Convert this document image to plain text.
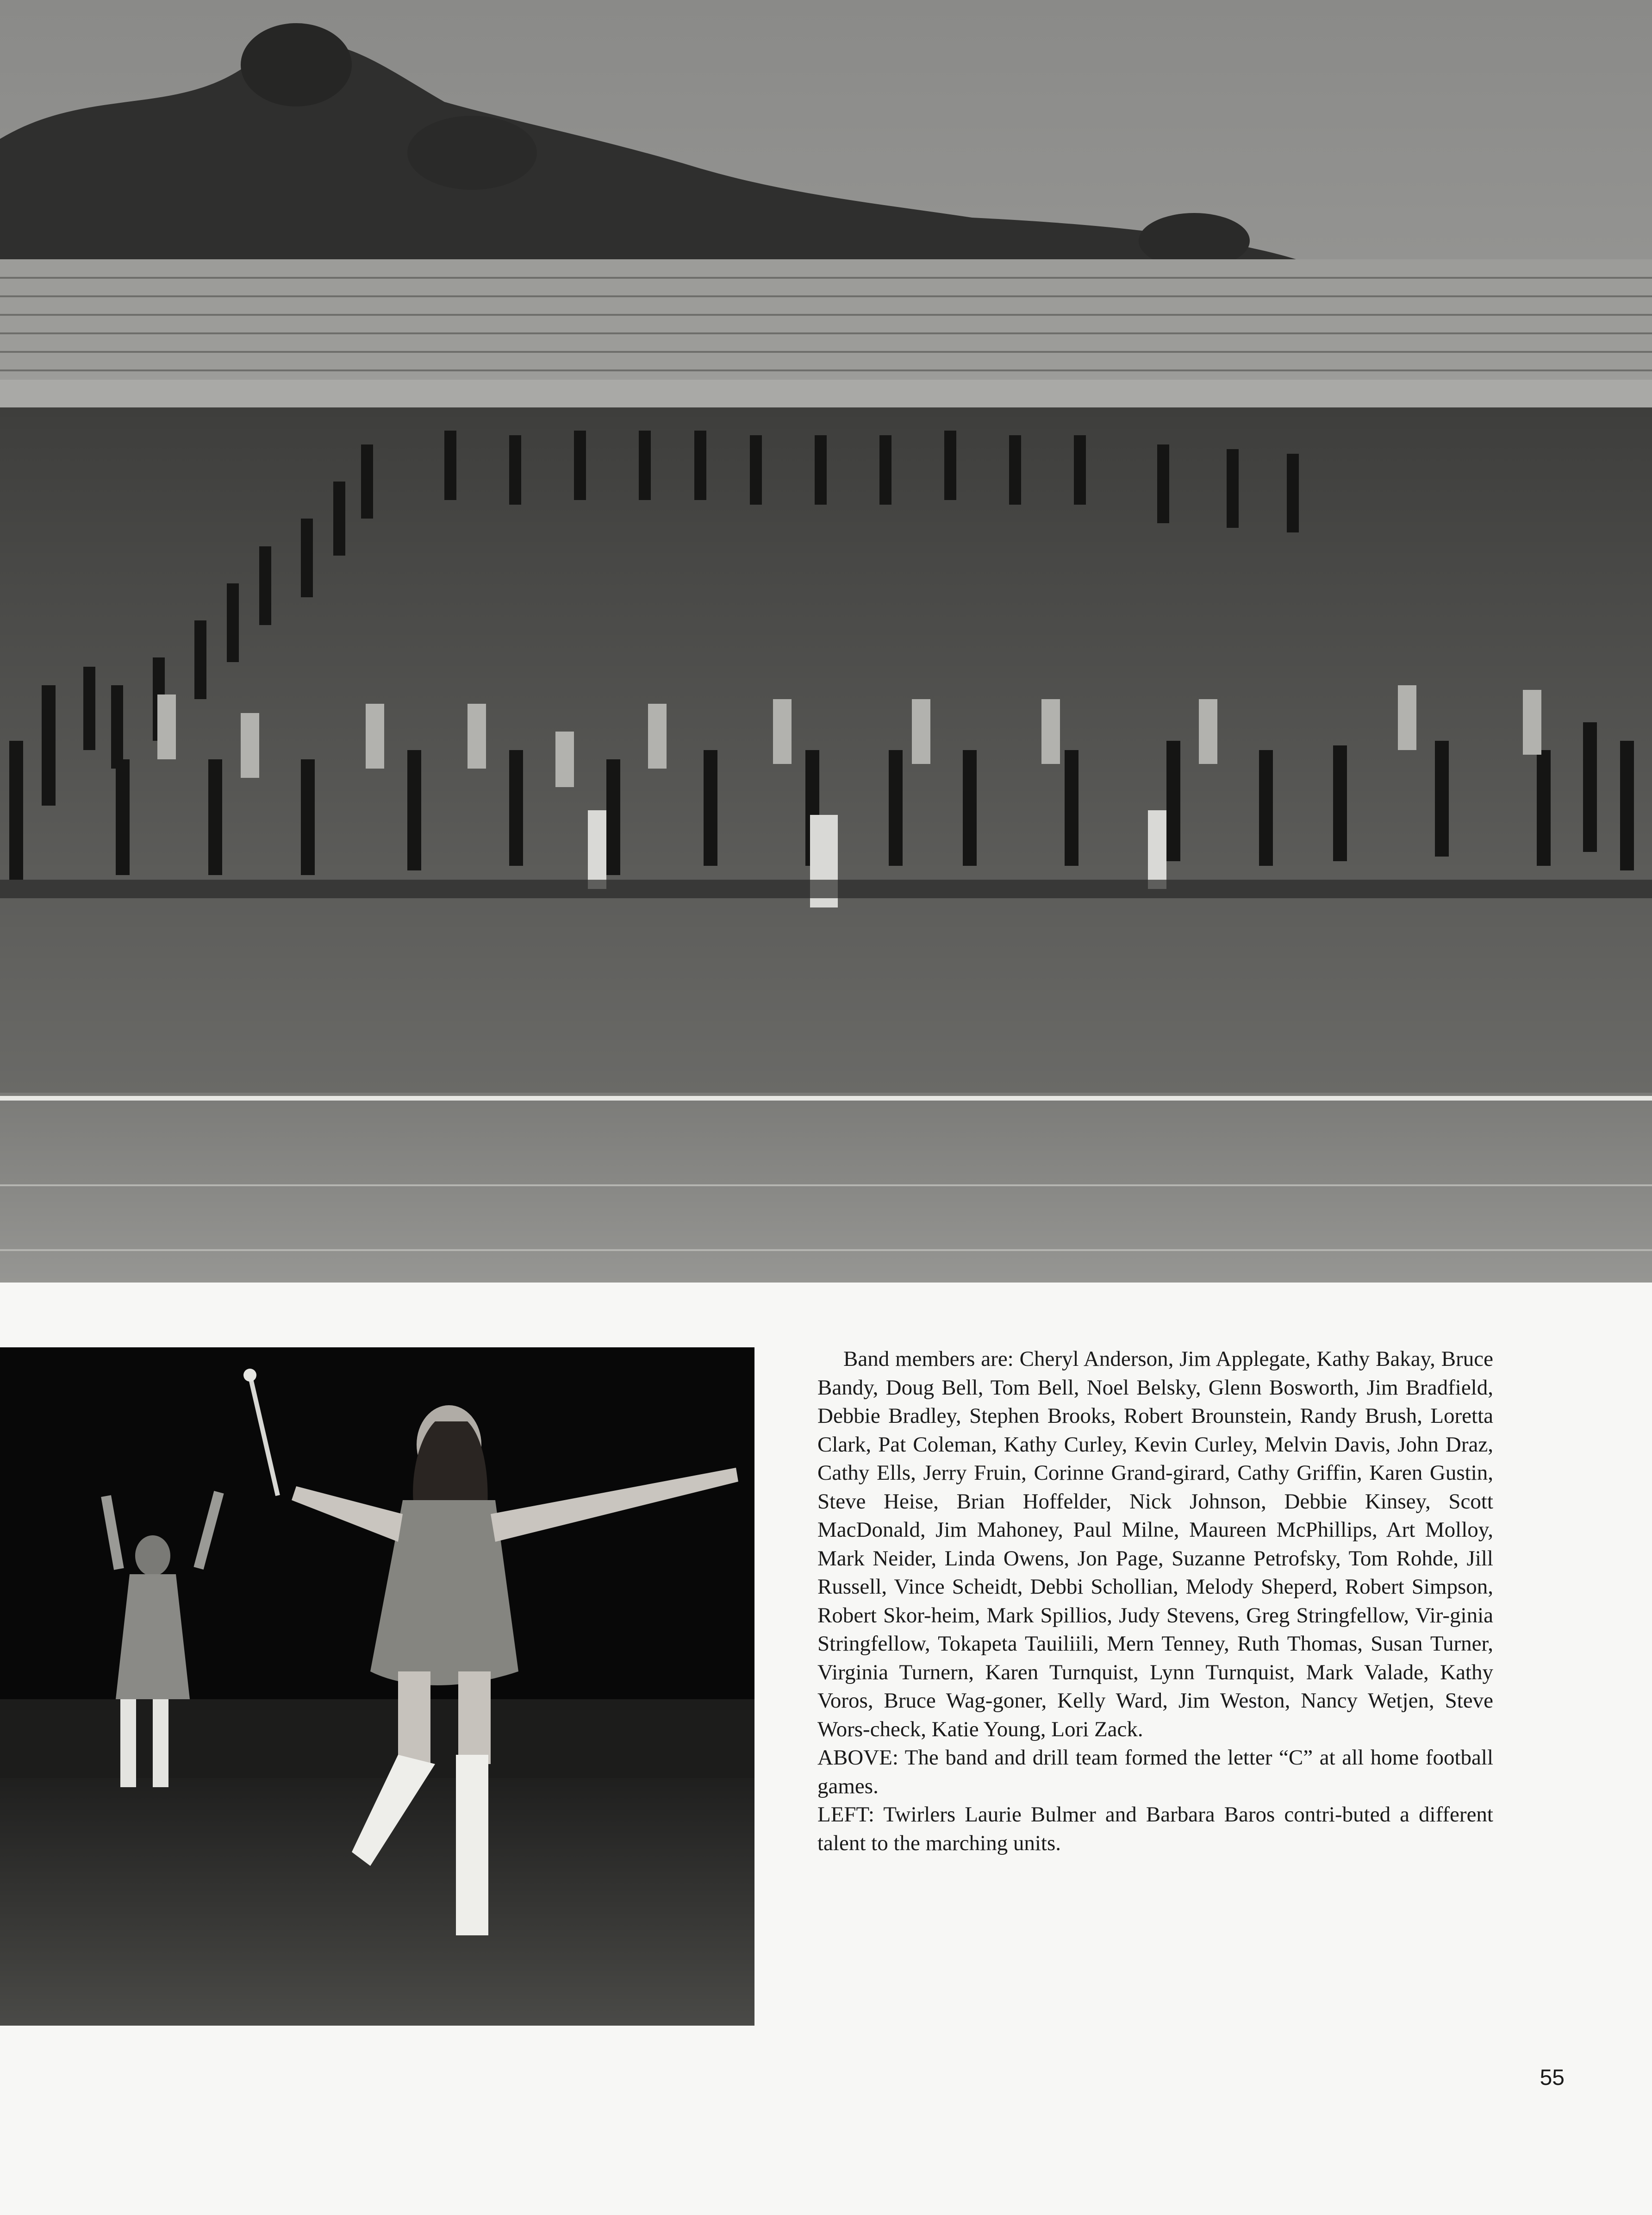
Band members are: Cheryl Anderson, Jim Applegate, Kathy Bakay, Bruce Bandy, Doug Bell, Tom Bell, Noel Belsky, Glenn Bosworth, Jim Bradfield, Debbie Bradley, Stephen Brooks, Robert Brounstein, Randy Brush, Loretta Clark, Pat Coleman, Kathy Curley, Kevin Curley, Melvin Davis, John Draz, Cathy Ells, Jerry Fruin, Corinne Grand-girard, Cathy Griffin, Karen Gustin, Steve Heise, Brian Hoffelder, Nick Johnson, Debbie Kinsey, Scott MacDonald, Jim Mahoney, Paul Milne, Maureen McPhillips, Art Molloy, Mark Neider, Linda Owens, Jon Page, Suzanne Petrofsky, Tom Rohde, Jill Russell, Vince Scheidt, Debbi Schollian, Melody Sheperd, Robert Simpson, Robert Skor-heim, Mark Spillios, Judy Stevens, Greg Stringfellow, Vir-ginia Stringfellow, Tokapeta Tauiliili, Mern Tenney, Ruth Thomas, Susan Turner, Virginia Turnern, Karen Turnquist, Lynn Turnquist, Mark Valade, Kathy Voros, Bruce Wag-goner, Kelly Ward, Jim Weston, Nancy Wetjen, Steve Wors-check, Katie Young, Lori Zack.

ABOVE: The band and drill team formed the letter “C” at all home football games.

LEFT: Twirlers Laurie Bulmer and Barbara Baros contri-buted a different talent to the marching units.

55
